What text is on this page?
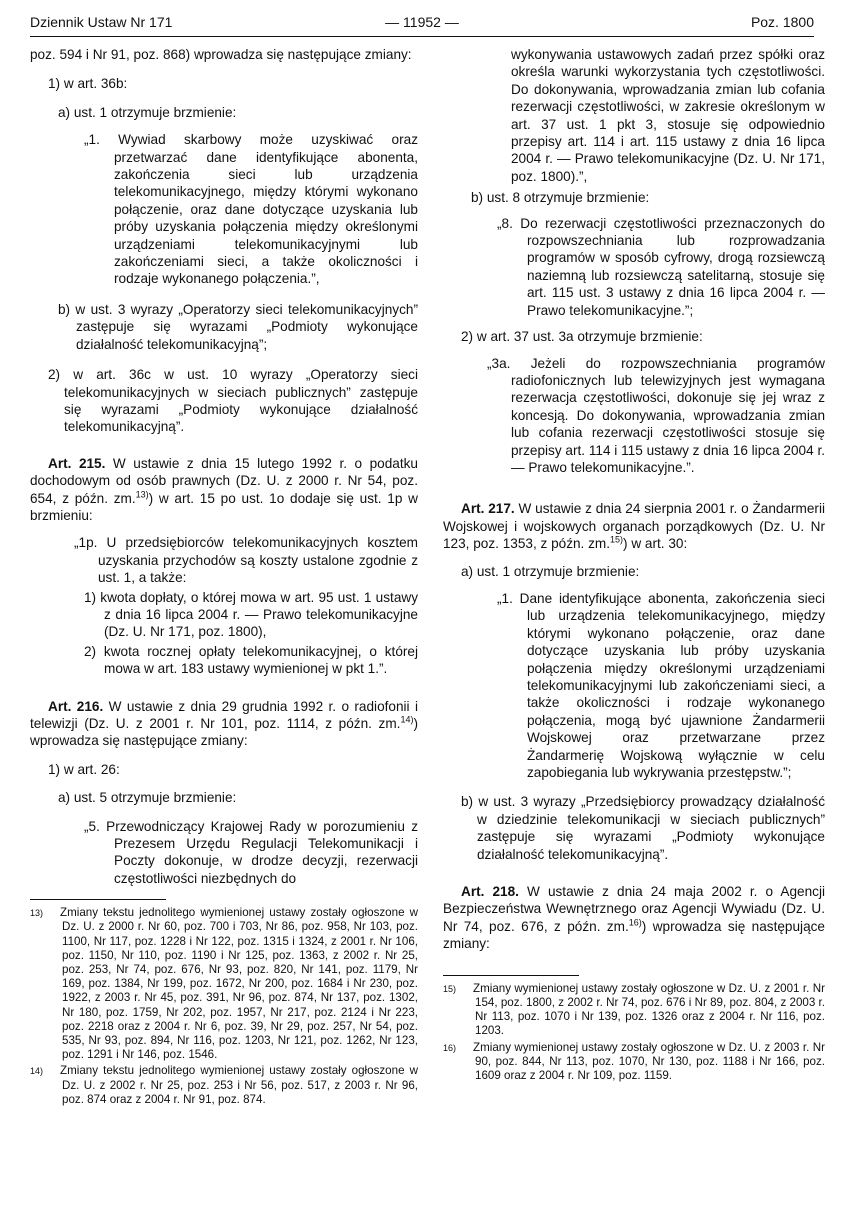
Dziennik Ustaw Nr 171	— 11952 —	Poz. 1800

poz. 594 i Nr 91, poz. 868) wprowadza się następujące zmiany:

1) w art. 36b:

a) ust. 1 otrzymuje brzmienie:

„1. Wywiad skarbowy może uzyskiwać oraz przetwarzać dane identyfikujące abonenta, zakończenia sieci lub urządzenia telekomunikacyjnego, między którymi wykonano połączenie, oraz dane dotyczące uzyskania lub próby uzyskania połączenia między określonymi urządzeniami telekomunikacyjnymi lub zakończeniami sieci, a także okoliczności i rodzaje wykonanego połączenia.”,

b) w ust. 3 wyrazy „Operatorzy sieci telekomunikacyjnych” zastępuje się wyrazami „Podmioty wykonujące działalność telekomunikacyjną”;

2) w art. 36c w ust. 10 wyrazy „Operatorzy sieci telekomunikacyjnych w sieciach publicznych” zastępuje się wyrazami „Podmioty wykonujące działalność telekomunikacyjną”.

Art. 215. W ustawie z dnia 15 lutego 1992 r. o podatku dochodowym od osób prawnych (Dz. U. z 2000 r. Nr 54, poz. 654, z późn. zm.$^{13)}$) w art. 15 po ust. 1o dodaje się ust. 1p w brzmieniu:

„1p. U przedsiębiorców telekomunikacyjnych kosztem uzyskania przychodów są koszty ustalone zgodnie z ust. 1, a także:

1) kwota dopłaty, o której mowa w art. 95 ust. 1 ustawy z dnia 16 lipca 2004 r. — Prawo telekomunikacyjne (Dz. U. Nr 171, poz. 1800),

2) kwota rocznej opłaty telekomunikacyjnej, o której mowa w art. 183 ustawy wymienionej w pkt 1.”.

Art. 216. W ustawie z dnia 29 grudnia 1992 r. o radiofonii i telewizji (Dz. U. z 2001 r. Nr 101, poz. 1114, z późn. zm.$^{14)}$) wprowadza się następujące zmiany:

1) w art. 26:

a) ust. 5 otrzymuje brzmienie:

„5. Przewodniczący Krajowej Rady w porozumieniu z Prezesem Urzędu Regulacji Telekomunikacji i Poczty dokonuje, w drodze decyzji, rezerwacji częstotliwości niezbędnych do

13) Zmiany tekstu jednolitego wymienionej ustawy zostały ogłoszone w Dz. U. z 2000 r. Nr 60, poz. 700 i 703, Nr 86, poz. 958, Nr 103, poz. 1100, Nr 117, poz. 1228 i Nr 122, poz. 1315 i 1324, z 2001 r. Nr 106, poz. 1150, Nr 110, poz. 1190 i Nr 125, poz. 1363, z 2002 r. Nr 25, poz. 253, Nr 74, poz. 676, Nr 93, poz. 820, Nr 141, poz. 1179, Nr 169, poz. 1384, Nr 199, poz. 1672, Nr 200, poz. 1684 i Nr 230, poz. 1922, z 2003 r. Nr 45, poz. 391, Nr 96, poz. 874, Nr 137, poz. 1302, Nr 180, poz. 1759, Nr 202, poz. 1957, Nr 217, poz. 2124 i Nr 223, poz. 2218 oraz z 2004 r. Nr 6, poz. 39, Nr 29, poz. 257, Nr 54, poz. 535, Nr 93, poz. 894, Nr 116, poz. 1203, Nr 121, poz. 1262, Nr 123, poz. 1291 i Nr 146, poz. 1546.

14) Zmiany tekstu jednolitego wymienionej ustawy zostały ogłoszone w Dz. U. z 2002 r. Nr 25, poz. 253 i Nr 56, poz. 517, z 2003 r. Nr 96, poz. 874 oraz z 2004 r. Nr 91, poz. 874.

wykonywania ustawowych zadań przez spółki oraz określa warunki wykorzystania tych częstotliwości. Do dokonywania, wprowadzania zmian lub cofania rezerwacji częstotliwości, w zakresie określonym w art. 37 ust. 1 pkt 3, stosuje się odpowiednio przepisy art. 114 i art. 115 ustawy z dnia 16 lipca 2004 r. — Prawo telekomunikacyjne (Dz. U. Nr 171, poz. 1800).”,

b) ust. 8 otrzymuje brzmienie:

„8. Do rezerwacji częstotliwości przeznaczonych do rozpowszechniania lub rozprowadzania programów w sposób cyfrowy, drogą rozsiewczą naziemną lub rozsiewczą satelitarną, stosuje się art. 115 ust. 3 ustawy z dnia 16 lipca 2004 r. — Prawo telekomunikacyjne.”;

2) w art. 37 ust. 3a otrzymuje brzmienie:

„3a. Jeżeli do rozpowszechniania programów radiofonicznych lub telewizyjnych jest wymagana rezerwacja częstotliwości, dokonuje się jej wraz z koncesją. Do dokonywania, wprowadzania zmian lub cofania rezerwacji częstotliwości stosuje się przepisy art. 114 i 115 ustawy z dnia 16 lipca 2004 r. — Prawo telekomunikacyjne.”.

Art. 217. W ustawie z dnia 24 sierpnia 2001 r. o Żandarmerii Wojskowej i wojskowych organach porządkowych (Dz. U. Nr 123, poz. 1353, z późn. zm.$^{15)}$) w art. 30:

a) ust. 1 otrzymuje brzmienie:

„1. Dane identyfikujące abonenta, zakończenia sieci lub urządzenia telekomunikacyjnego, między którymi wykonano połączenie, oraz dane dotyczące uzyskania lub próby uzyskania połączenia między określonymi urządzeniami telekomunikacyjnymi lub zakończeniami sieci, a także okoliczności i rodzaje wykonanego połączenia, mogą być ujawnione Żandarmerii Wojskowej oraz przetwarzane przez Żandarmerię Wojskową wyłącznie w celu zapobiegania lub wykrywania przestępstw.”;

b) w ust. 3 wyrazy „Przedsiębiorcy prowadzący działalność w dziedzinie telekomunikacji w sieciach publicznych” zastępuje się wyrazami „Podmioty wykonujące działalność telekomunikacyjną”.

Art. 218. W ustawie z dnia 24 maja 2002 r. o Agencji Bezpieczeństwa Wewnętrznego oraz Agencji Wywiadu (Dz. U. Nr 74, poz. 676, z późn. zm.$^{16)}$) wprowadza się następujące zmiany:

15) Zmiany wymienionej ustawy zostały ogłoszone w Dz. U. z 2001 r. Nr 154, poz. 1800, z 2002 r. Nr 74, poz. 676 i Nr 89, poz. 804, z 2003 r. Nr 113, poz. 1070 i Nr 139, poz. 1326 oraz z 2004 r. Nr 116, poz. 1203.

16) Zmiany wymienionej ustawy zostały ogłoszone w Dz. U. z 2003 r. Nr 90, poz. 844, Nr 113, poz. 1070, Nr 130, poz. 1188 i Nr 166, poz. 1609 oraz z 2004 r. Nr 109, poz. 1159.
